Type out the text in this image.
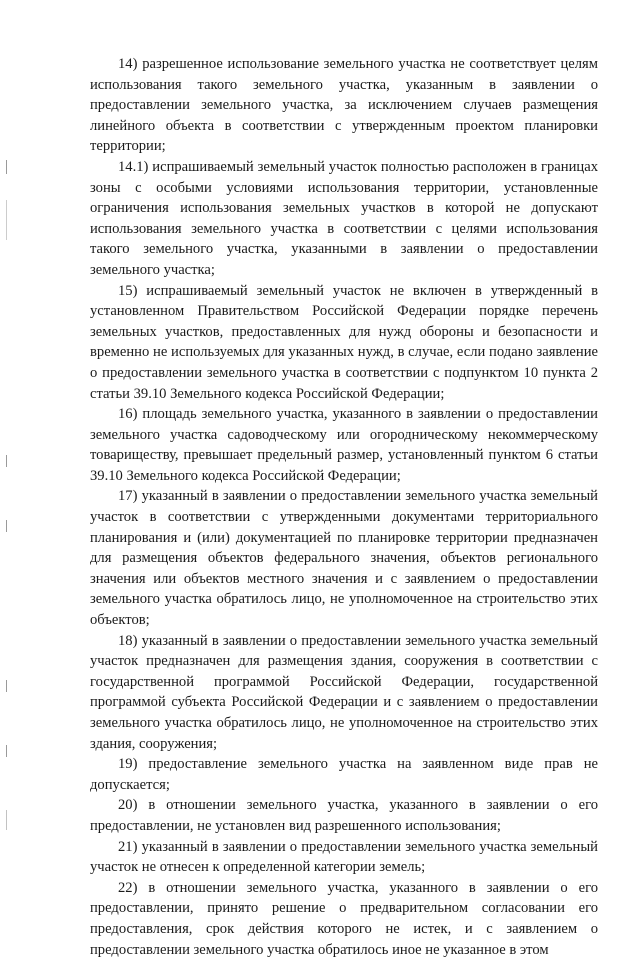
14) разрешенное использование земельного участка не соответствует целям использования такого земельного участка, указанным в заявлении о предоставлении земельного участка, за исключением случаев размещения линейного объекта в соответствии с утвержденным проектом планировки территории;

14.1) испрашиваемый земельный участок полностью расположен в границах зоны с особыми условиями использования территории, установленные ограничения использования земельных участков в которой не допускают использования земельного участка в соответствии с целями использования такого земельного участка, указанными в заявлении о предоставлении земельного участка;

15) испрашиваемый земельный участок не включен в утвержденный в установленном Правительством Российской Федерации порядке перечень земельных участков, предоставленных для нужд обороны и безопасности и временно не используемых для указанных нужд, в случае, если подано заявление о предоставлении земельного участка в соответствии с подпунктом 10 пункта 2 статьи 39.10 Земельного кодекса Российской Федерации;

16) площадь земельного участка, указанного в заявлении о предоставлении земельного участка садоводческому или огородническому некоммерческому товариществу, превышает предельный размер, установленный пунктом 6 статьи 39.10 Земельного кодекса Российской Федерации;

17) указанный в заявлении о предоставлении земельного участка земельный участок в соответствии с утвержденными документами территориального планирования и (или) документацией по планировке территории предназначен для размещения объектов федерального значения, объектов регионального значения или объектов местного значения и с заявлением о предоставлении земельного участка обратилось лицо, не уполномоченное на строительство этих объектов;

18) указанный в заявлении о предоставлении земельного участка земельный участок предназначен для размещения здания, сооружения в соответствии с государственной программой Российской Федерации, государственной программой субъекта Российской Федерации и с заявлением о предоставлении земельного участка обратилось лицо, не уполномоченное на строительство этих здания, сооружения;

19) предоставление земельного участка на заявленном виде прав не допускается;

20) в отношении земельного участка, указанного в заявлении о его предоставлении, не установлен вид разрешенного использования;

21) указанный в заявлении о предоставлении земельного участка земельный участок не отнесен к определенной категории земель;

22) в отношении земельного участка, указанного в заявлении о его предоставлении, принято решение о предварительном согласовании его предоставления, срок действия которого не истек, и с заявлением о предоставлении земельного участка обратилось иное не указанное в этом
